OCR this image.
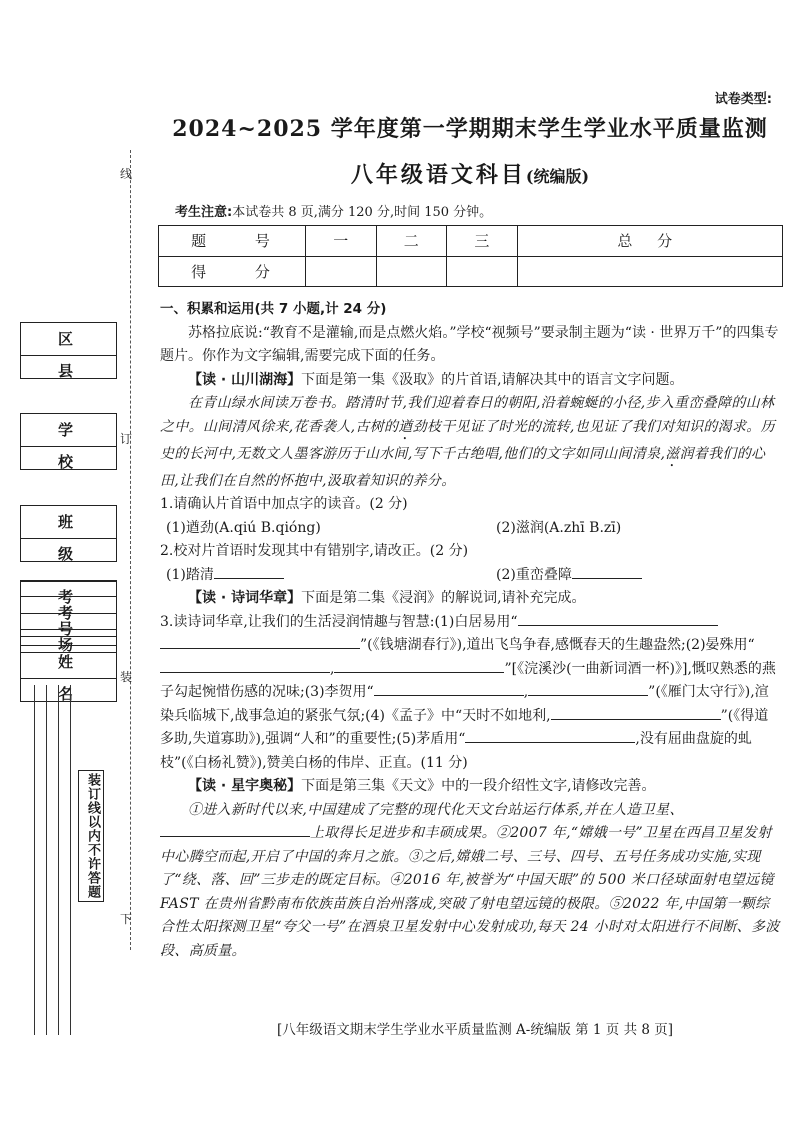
区 县
学 校
班 级
考 场
考 号
姓 名
装订线以内不许答题
线
订
装
下
试卷类型:
2024~2025 学年度第一学期期末学生学业水平质量监测
八年级语文科目(统编版)
考生注意:本试卷共 8 页,满分 120 分,时间 150 分钟。
题 号	一	二	三	总 分
得 分				

一、积累和运用(共 7 小题,计 24 分)

苏格拉底说:“教育不是灌输,而是点燃火焰。”学校“视频号”要录制主题为“读 · 世界万千”的四集专题片。你作为文字编辑,需要完成下面的任务。

【读 · 山川湖海】下面是第一集《汲取》的片首语,请解决其中的语言文字问题。

在青山绿水间读万卷书。踏清时节,我们迎着春日的朝阳,沿着蜿蜒的小径,步入重峦叠障的山林之中。山间清风徐来,花香袭人,古树的遒劲枝干见证了时光的流转,也见证了我们对知识的渴求。历史的长河中,无数文人墨客游历于山水间,写下千古绝唱,他们的文字如同山间清泉,滋润着我们的心田,让我们在自然的怀抱中,汲取着知识的养分。

1.请确认片首语中加点字的读音。(2 分)

(1)遒劲(A.qiú B.qióng)	(2)滋润(A.zhī B.zī)

2.校对片首语时发现其中有错别字,请改正。(2 分)

(1)踏清	(2)重峦叠障

【读 · 诗词华章】下面是第二集《浸润》的解说词,请补充完成。

3.读诗词华章,让我们的生活浸润情趣与智慧:(1)白居易用“”(《钱塘湖春行》),道出飞鸟争春,感慨春天的生趣盎然;(2)晏殊用“,	”[《浣溪沙(一曲新词酒一杯)》],慨叹熟悉的燕子勾起惋惜伤感的况味;(3)李贺用“	,	”(《雁门太守行》),渲染兵临城下,战事急迫的紧张气氛;(4)《孟子》中“天时不如地利,	”(《得道多助,失道寡助》),强调“人和”的重要性;(5)茅盾用“	,没有屈曲盘旋的虬枝”(《白杨礼赞》),赞美白杨的伟岸、正直。(11 分)

【读 · 星宇奥秘】下面是第三集《天文》中的一段介绍性文字,请修改完善。

①进入新时代以来,中国建成了完整的现代化天文台站运行体系,并在人造卫星、上取得长足进步和丰硕成果。②2007 年,“嫦娥一号”卫星在西昌卫星发射中心腾空而起,开启了中国的奔月之旅。③之后,嫦娥二号、三号、四号、五号任务成功实施,实现了“绕、落、回”三步走的既定目标。④2016 年,被誉为“中国天眼”的 500 米口径球面射电望远镜 FAST 在贵州省黔南布依族苗族自治州落成,突破了射电望远镜的极限。⑤2022 年,中国第一颗综合性太阳探测卫星“夸父一号”在酒泉卫星发射中心发射成功,每天 24 小时对太阳进行不间断、多波段、高质量。

[八年级语文期末学生学业水平质量监测 A-统编版 第 1 页 共 8 页]
